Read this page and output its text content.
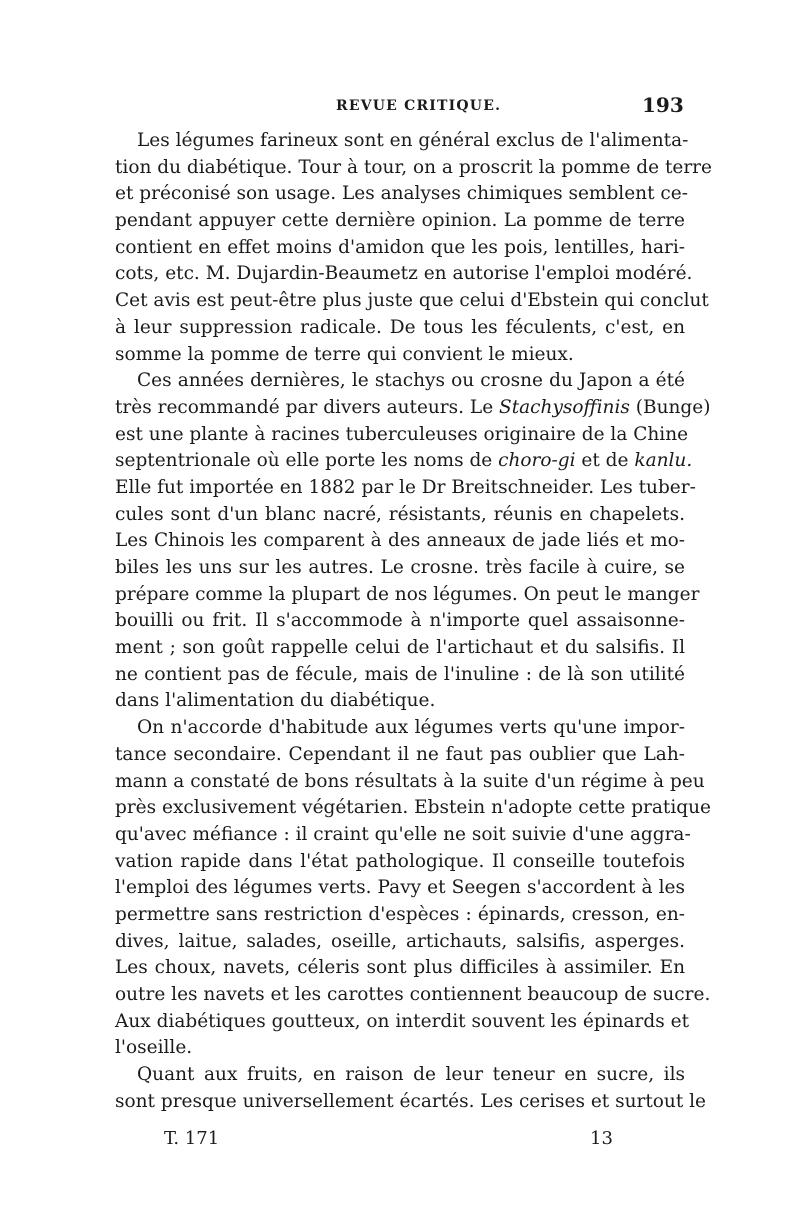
REVUE CRITIQUE.	193
Les légumes farineux sont en général exclus de l'alimenta-
tion du diabétique. Tour à tour, on a proscrit la pomme de terre
et préconisé son usage. Les analyses chimiques semblent ce-
pendant appuyer cette dernière opinion. La pomme de terre
contient en effet moins d'amidon que les pois, lentilles, hari-
cots, etc. M. Dujardin-Beaumetz en autorise l'emploi modéré.
Cet avis est peut-être plus juste que celui d'Ebstein qui conclut
à leur suppression radicale. De tous les féculents, c'est, en
somme la pomme de terre qui convient le mieux.
Ces années dernières, le stachys ou crosne du Japon a été
très recommandé par divers auteurs. Le Stachysoffinis (Bunge)
est une plante à racines tuberculeuses originaire de la Chine
septentrionale où elle porte les noms de choro-gi et de kanlu.
Elle fut importée en 1882 par le Dr Breitschneider. Les tuber-
cules sont d'un blanc nacré, résistants, réunis en chapelets.
Les Chinois les comparent à des anneaux de jade liés et mo-
biles les uns sur les autres. Le crosne. très facile à cuire, se
prépare comme la plupart de nos légumes. On peut le manger
bouilli ou frit. Il s'accommode à n'importe quel assaisonne-
ment ; son goût rappelle celui de l'artichaut et du salsifis. Il
ne contient pas de fécule, mais de l'inuline : de là son utilité
dans l'alimentation du diabétique.
On n'accorde d'habitude aux légumes verts qu'une impor-
tance secondaire. Cependant il ne faut pas oublier que Lah-
mann a constaté de bons résultats à la suite d'un régime à peu
près exclusivement végétarien. Ebstein n'adopte cette pratique
qu'avec méfiance : il craint qu'elle ne soit suivie d'une aggra-
vation rapide dans l'état pathologique. Il conseille toutefois
l'emploi des légumes verts. Pavy et Seegen s'accordent à les
permettre sans restriction d'espèces : épinards, cresson, en-
dives, laitue, salades, oseille, artichauts, salsifis, asperges.
Les choux, navets, céleris sont plus difficiles à assimiler. En
outre les navets et les carottes contiennent beaucoup de sucre.
Aux diabétiques goutteux, on interdit souvent les épinards et
l'oseille.
Quant aux fruits, en raison de leur teneur en sucre, ils
sont presque universellement écartés. Les cerises et surtout le
T. 171	13
